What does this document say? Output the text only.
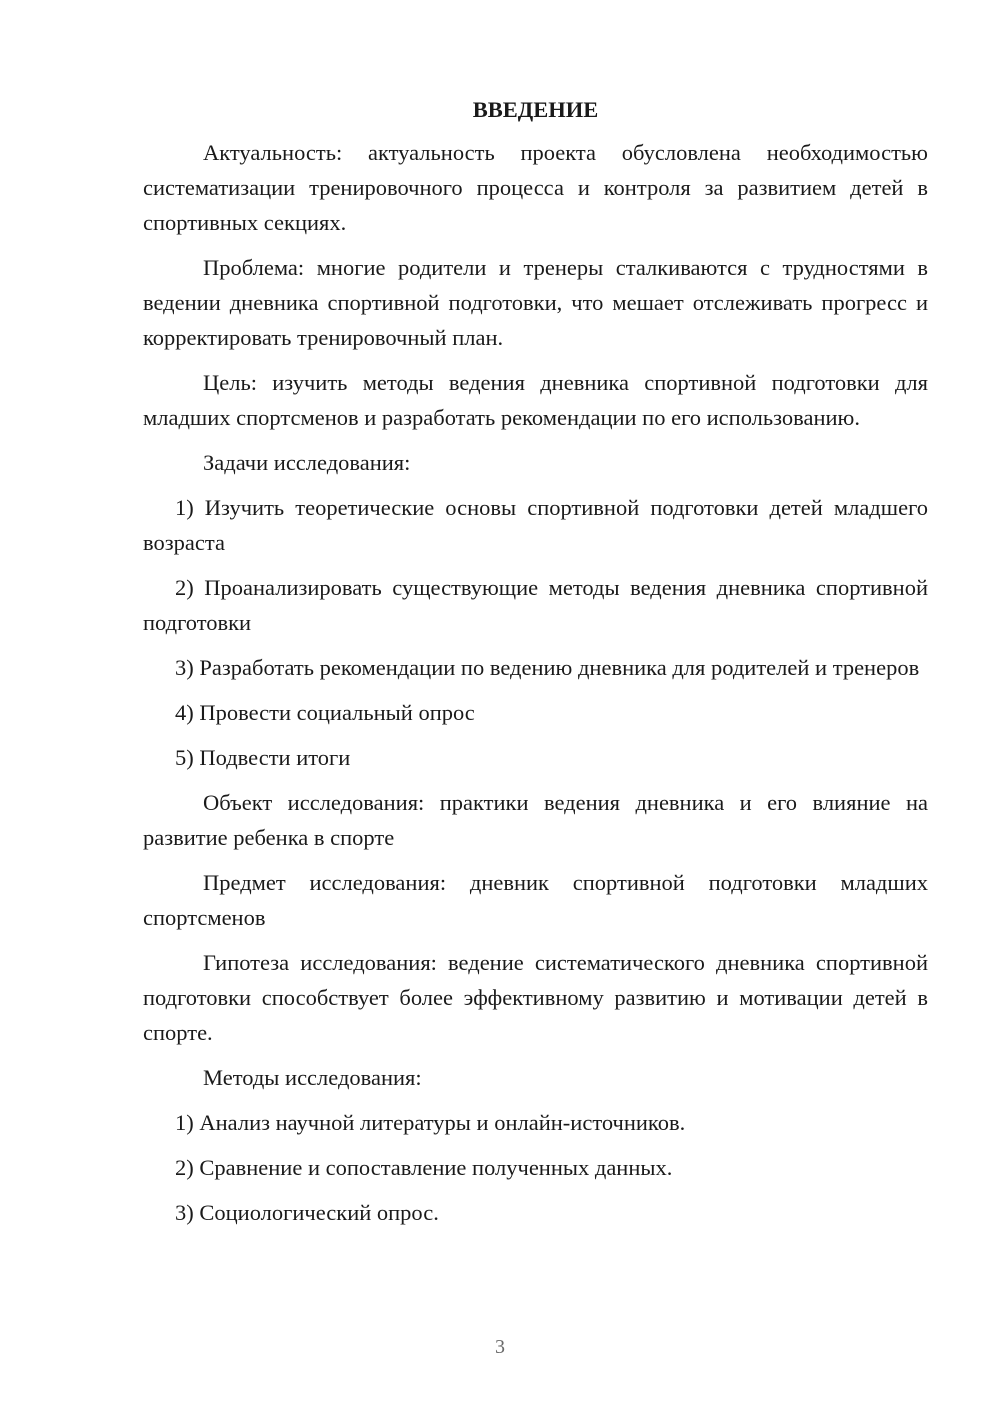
ВВЕДЕНИЕ

Актуальность: актуальность проекта обусловлена необходимостью систематизации тренировочного процесса и контроля за развитием детей в спортивных секциях.

Проблема: многие родители и тренеры сталкиваются с трудностями в ведении дневника спортивной подготовки, что мешает отслеживать прогресс и корректировать тренировочный план.

Цель: изучить методы ведения дневника спортивной подготовки для младших спортсменов и разработать рекомендации по его использованию.

Задачи исследования:

1) Изучить теоретические основы спортивной подготовки детей младшего возраста

2) Проанализировать существующие методы ведения дневника спортивной подготовки

3) Разработать рекомендации по ведению дневника для родителей и тренеров

4) Провести социальный опрос

5) Подвести итоги

Объект исследования: практики ведения дневника и его влияние на развитие ребенка в спорте

Предмет исследования: дневник спортивной подготовки младших спортсменов

Гипотеза исследования: ведение систематического дневника спортивной подготовки способствует более эффективному развитию и мотивации детей в спорте.

Методы исследования:

1) Анализ научной литературы и онлайн-источников.

2) Сравнение и сопоставление полученных данных.

3) Социологический опрос.

3
